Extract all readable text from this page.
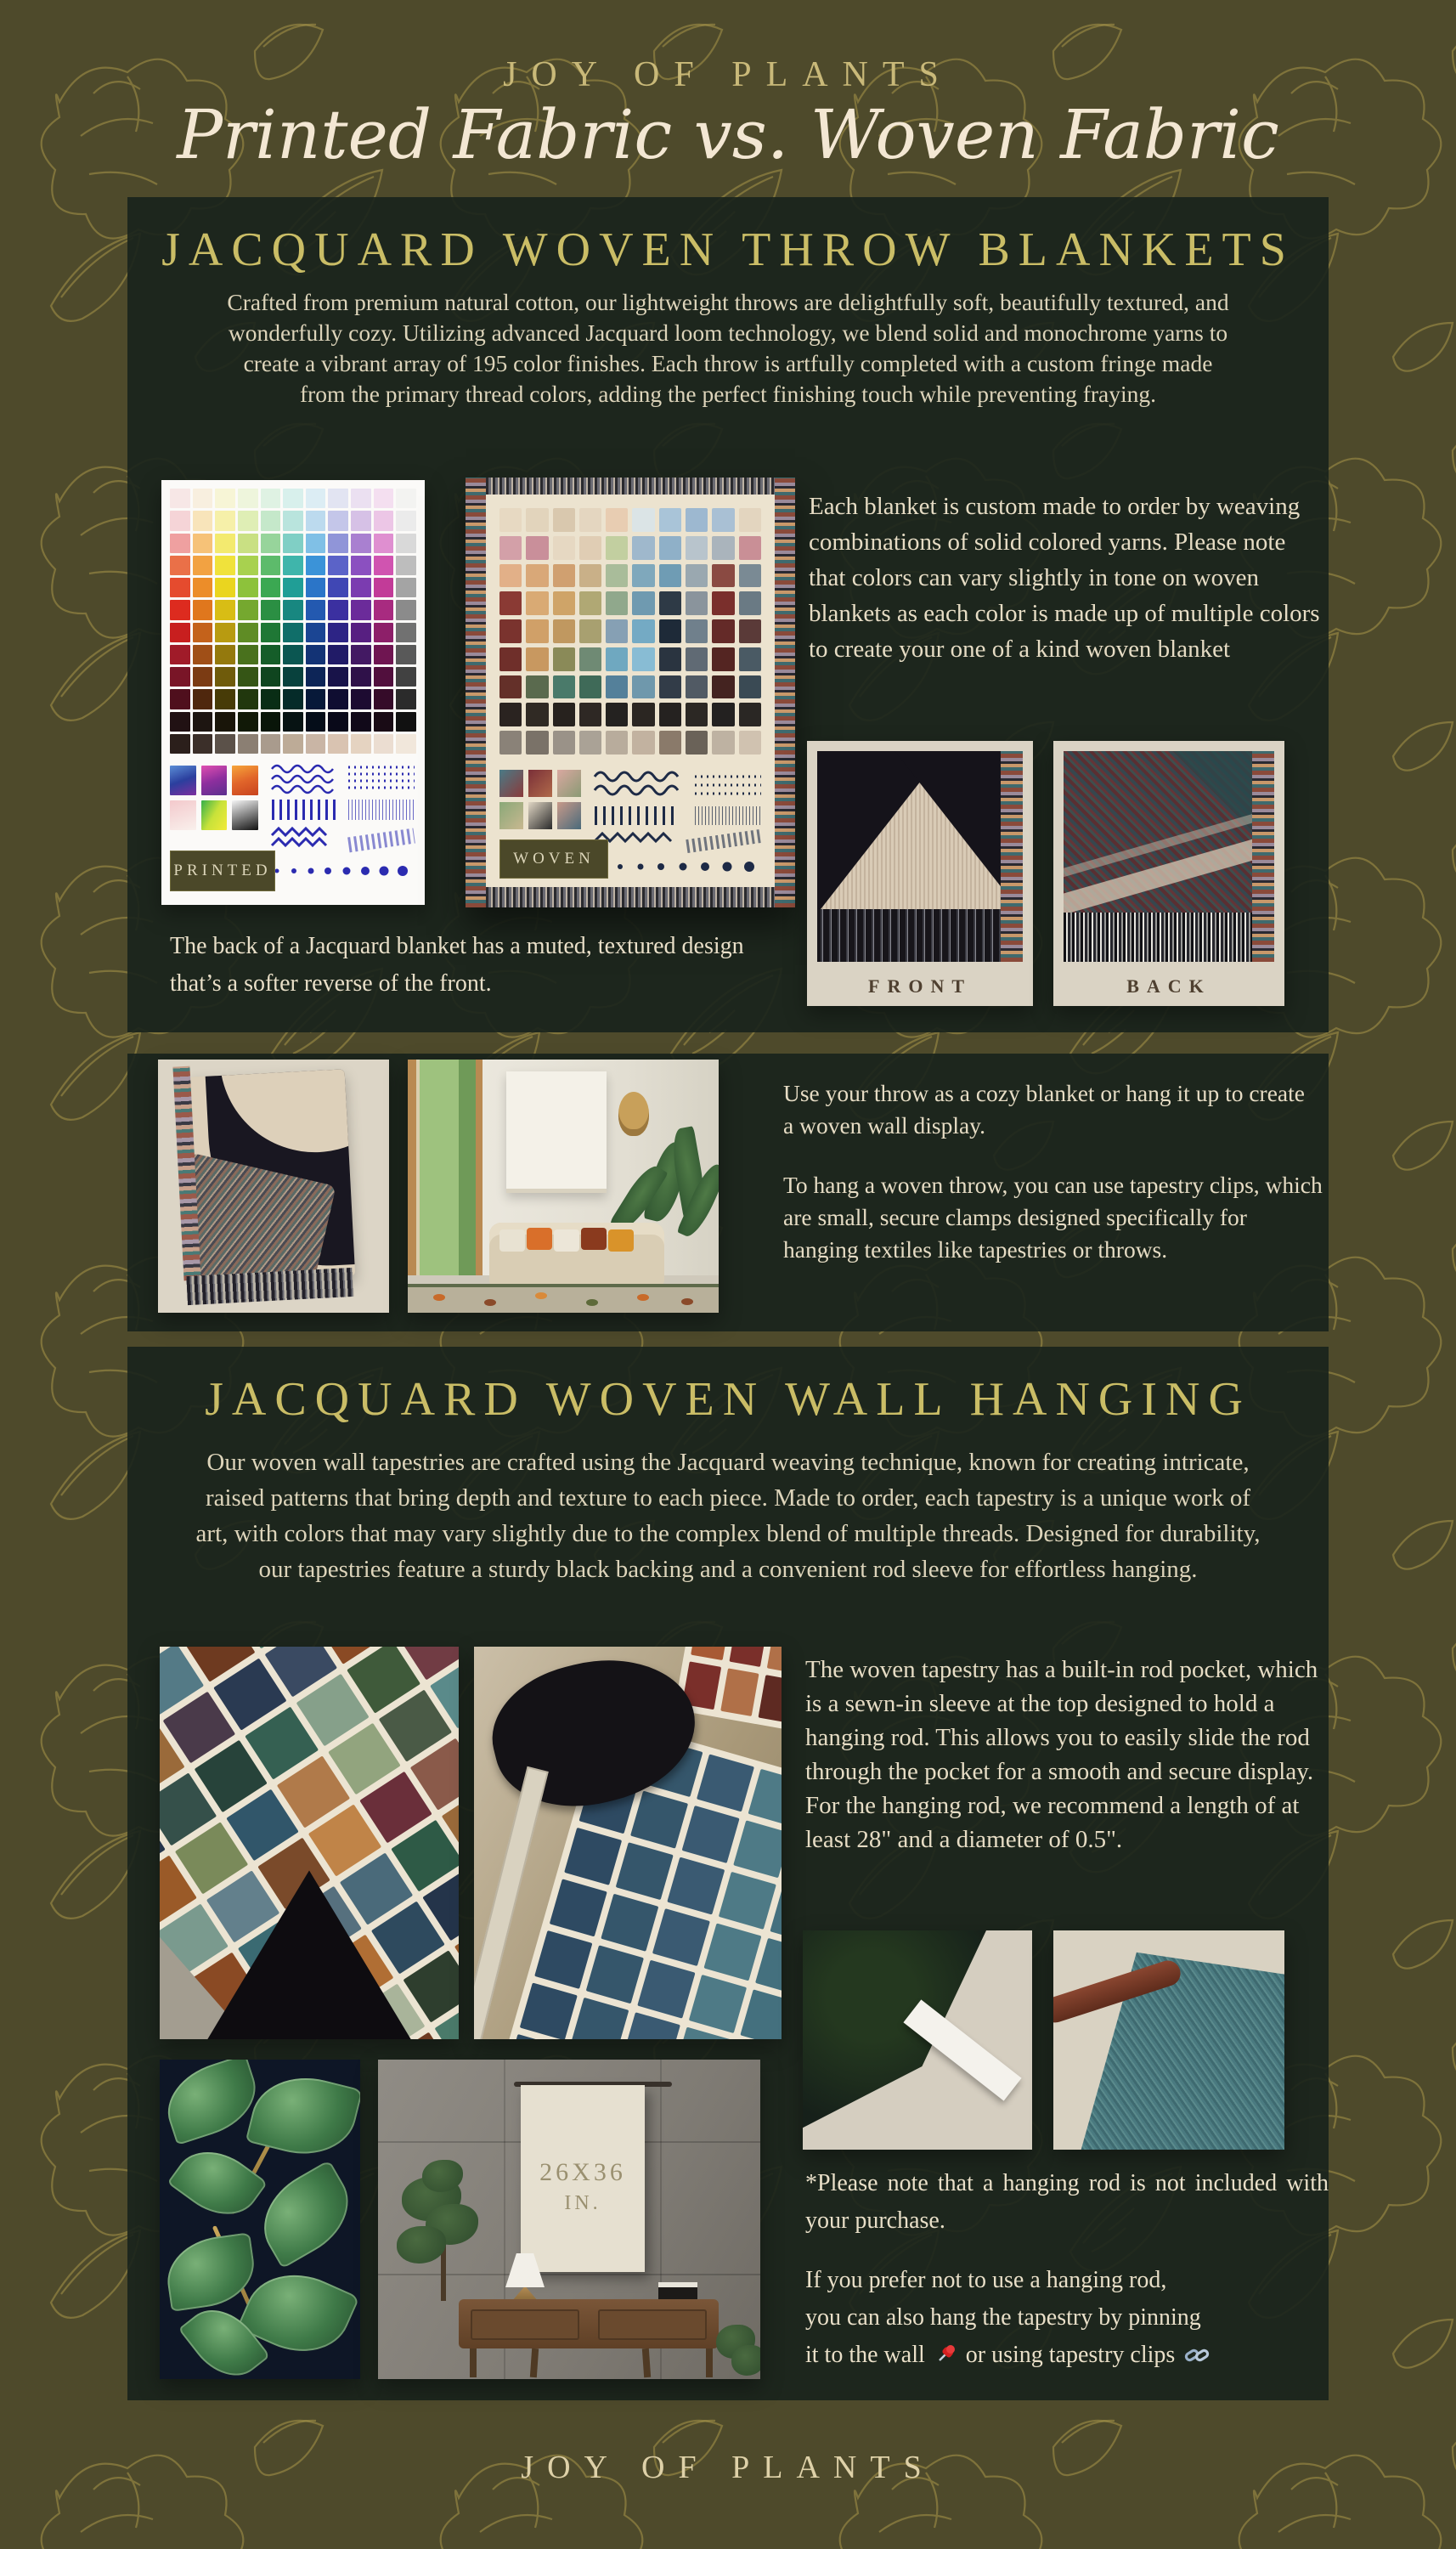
JOY OF PLANTS
Printed Fabric vs. Woven Fabric
JACQUARD WOVEN THROW BLANKETS
Crafted from premium natural cotton, our lightweight throws are delightfully soft, beautifully textured, and wonderfully cozy. Utilizing advanced Jacquard loom technology, we blend solid and monochrome yarns to create a vibrant array of 195 color finishes. Each throw is artfully completed with a custom fringe made from the primary thread colors, adding the perfect finishing touch while preventing fraying.
PRINTED
WOVEN
Each blanket is custom made to order by weaving combinations of solid colored yarns. Please note that colors can vary slightly in tone on woven blankets as each color is made up of multiple colors to create your one of a kind woven blanket
FRONT	BACK
The back of a Jacquard blanket has a muted, textured design that’s a softer reverse of the front.
Use your throw as a cozy blanket or hang it up to create a woven wall display.
To hang a woven throw, you can use tapestry clips, which are small, secure clamps designed specifically for hanging textiles like tapestries or throws.
JACQUARD WOVEN WALL HANGING
Our woven wall tapestries are crafted using the Jacquard weaving technique, known for creating intricate, raised patterns that bring depth and texture to each piece. Made to order, each tapestry is a unique work of art, with colors that may vary slightly due to the complex blend of multiple threads. Designed for durability, our tapestries feature a sturdy black backing and a convenient rod sleeve for effortless hanging.
The woven tapestry has a built-in rod pocket, which is a sewn-in sleeve at the top designed to hold a hanging rod. This allows you to easily slide the rod through the pocket for a smooth and secure display. For the hanging rod, we recommend a length of at least 28" and a diameter of 0.5".
26X36
IN.
*Please note that a hanging rod is not included with your purchase.
If you prefer not to use a hanging rod,
you can also hang the tapestry by pinning
it to the wall or using tapestry clips
JOY OF PLANTS
